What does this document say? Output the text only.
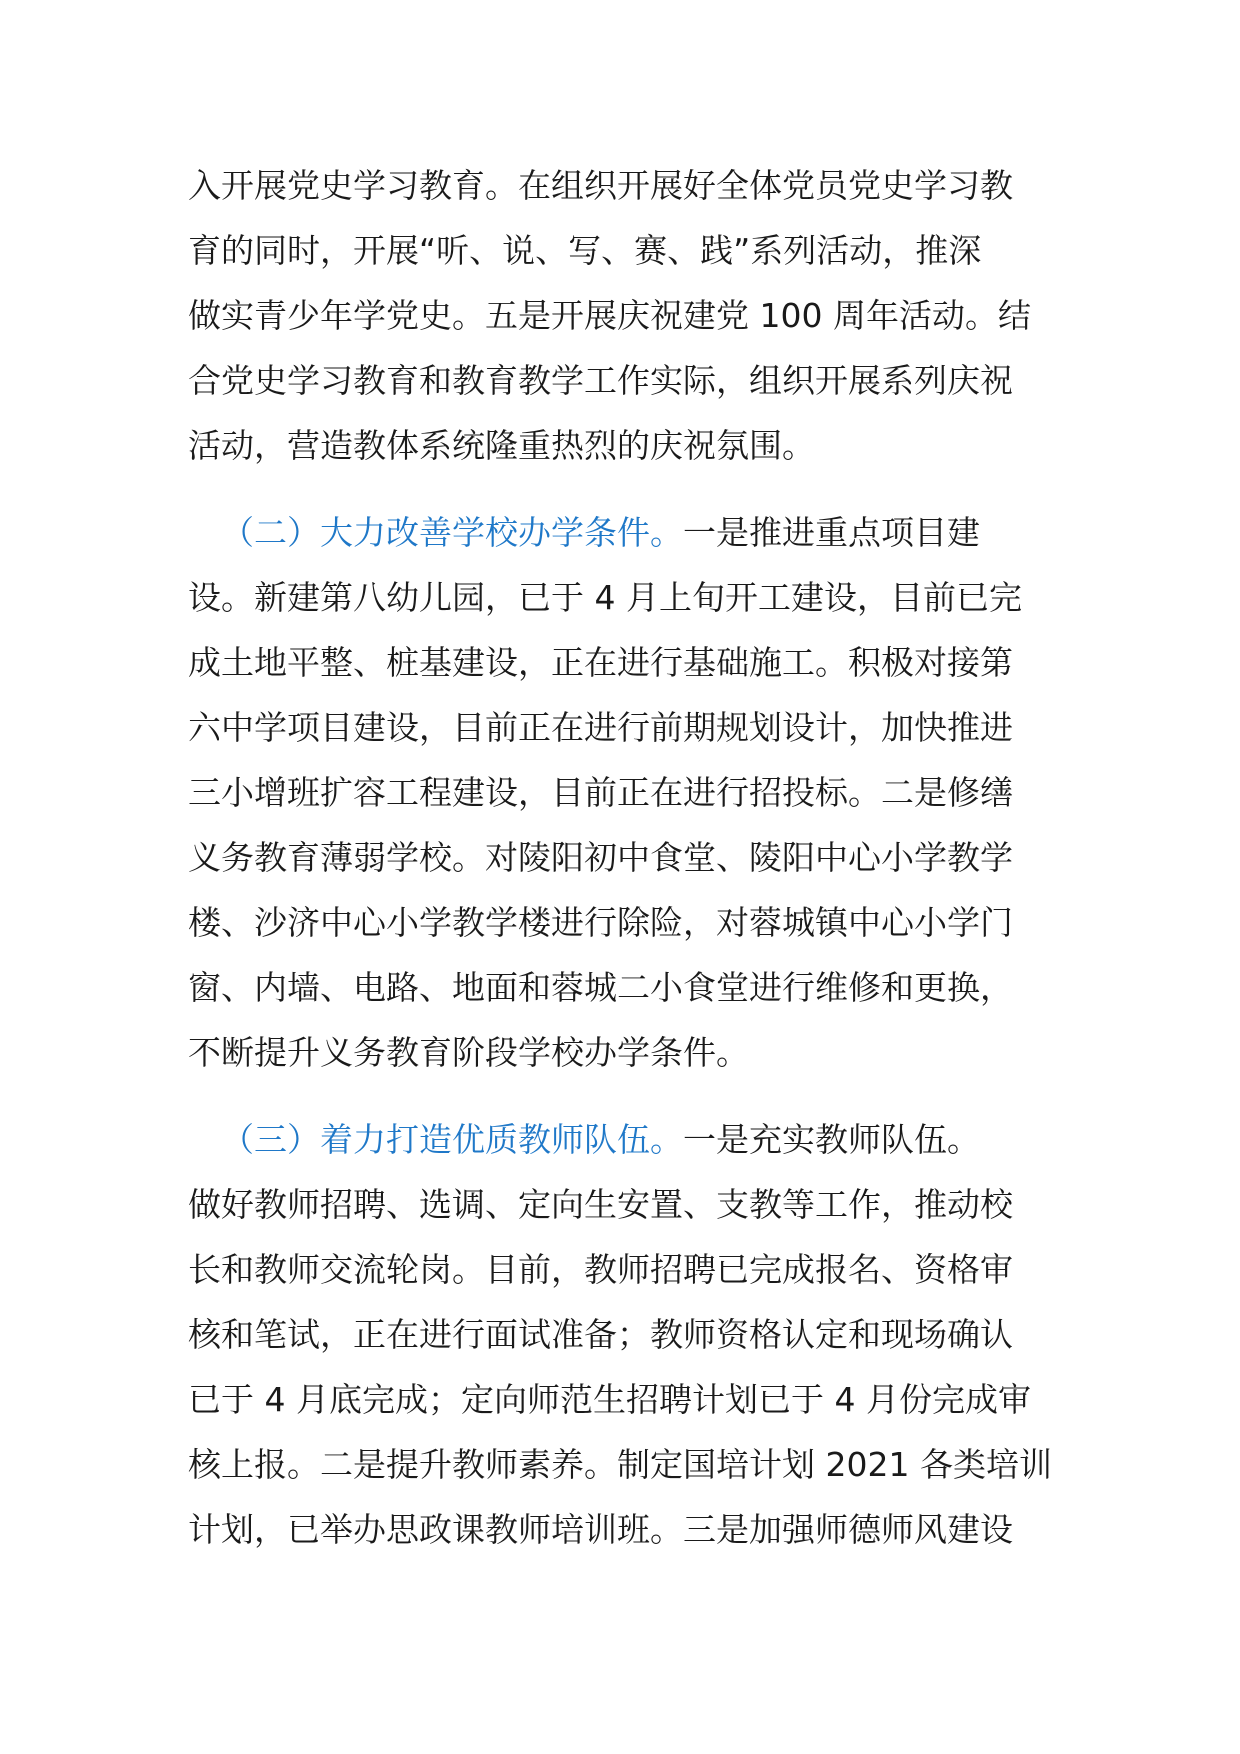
入开展党史学习教育。在组织开展好全体党员党史学习教
育的同时，开展“听、说、写、赛、践”系列活动，推深
做实青少年学党史。五是开展庆祝建党 100 周年活动。结
合党史学习教育和教育教学工作实际，组织开展系列庆祝
活动，营造教体系统隆重热烈的庆祝氛围。

（二）大力改善学校办学条件。一是推进重点项目建
设。新建第八幼儿园，已于 4 月上旬开工建设，目前已完
成土地平整、桩基建设，正在进行基础施工。积极对接第
六中学项目建设，目前正在进行前期规划设计，加快推进
三小增班扩容工程建设，目前正在进行招投标。二是修缮
义务教育薄弱学校。对陵阳初中食堂、陵阳中心小学教学
楼、沙济中心小学教学楼进行除险，对蓉城镇中心小学门
窗、内墙、电路、地面和蓉城二小食堂进行维修和更换，
不断提升义务教育阶段学校办学条件。

（三）着力打造优质教师队伍。一是充实教师队伍。
做好教师招聘、选调、定向生安置、支教等工作，推动校
长和教师交流轮岗。目前，教师招聘已完成报名、资格审
核和笔试，正在进行面试准备；教师资格认定和现场确认
已于 4 月底完成；定向师范生招聘计划已于 4 月份完成审
核上报。二是提升教师素养。制定国培计划 2021 各类培训
计划，已举办思政课教师培训班。三是加强师德师风建设
